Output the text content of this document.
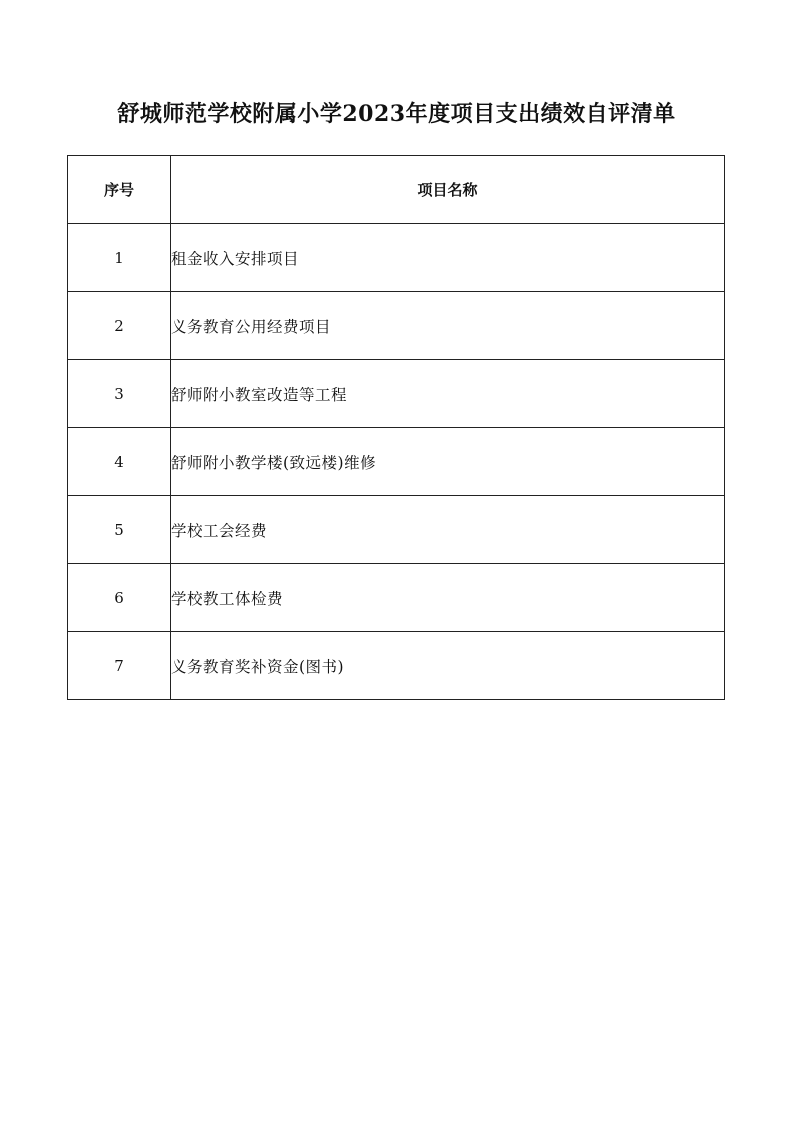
舒城师范学校附属小学2023年度项目支出绩效自评清单
序号	项目名称
1	租金收入安排项目
2	义务教育公用经费项目
3	舒师附小教室改造等工程
4	舒师附小教学楼(致远楼)维修
5	学校工会经费
6	学校教工体检费
7	义务教育奖补资金(图书)
